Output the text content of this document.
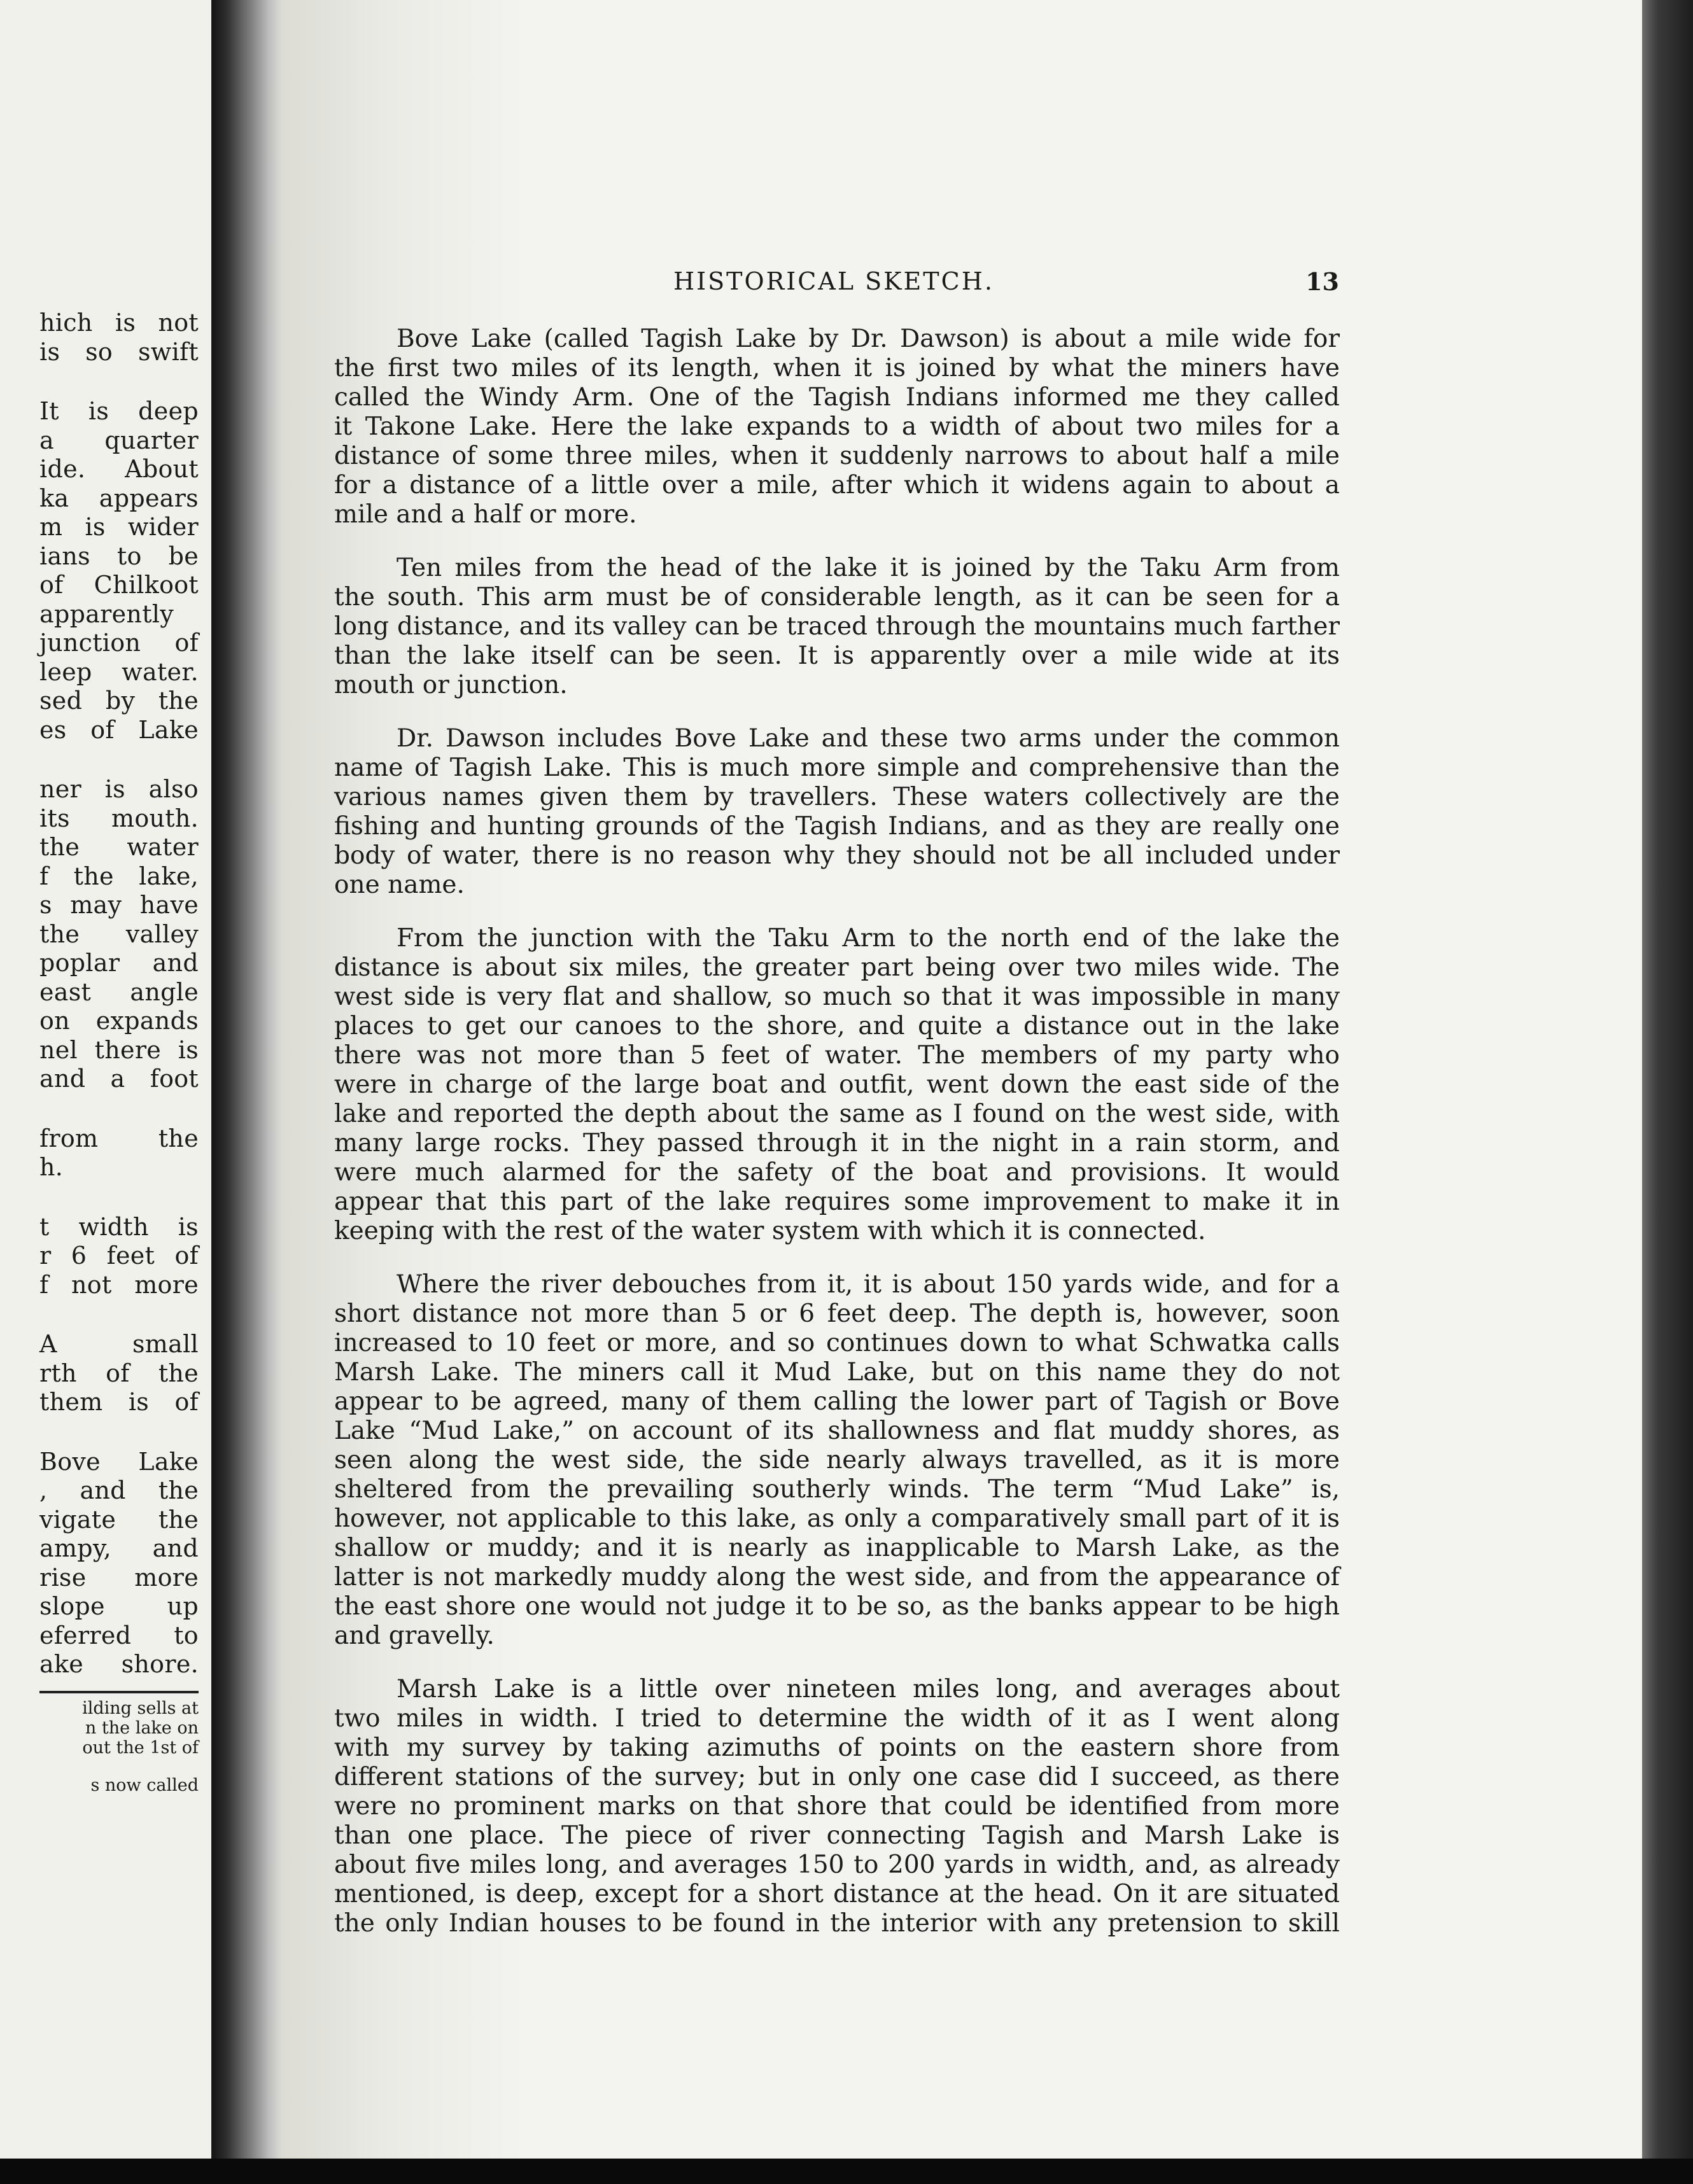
hich is not
is so swift
It is deep
a quarter
ide. About
ka appears
m is wider
ians to be
of Chilkoot
apparently
junction of
leep water.
sed by the
es of Lake
ner is also
its mouth.
the water
f the lake,
s may have
the valley
poplar and
east angle
on expands
nel there is
and a foot
from the
h.
t width is
r 6 feet of
f not more
A small
rth of the
them is of
Bove Lake
, and the
vigate the
ampy, and
rise more
slope up
eferred to
ake shore.
ilding sells at
n the lake on
out the 1st of
s now called
HISTORICAL SKETCH.	13
Bove Lake (called Tagish Lake by Dr. Dawson) is about a mile wide for
the first two miles of its length, when it is joined by what the miners have
called the Windy Arm. One of the Tagish Indians informed me they called
it Takone Lake. Here the lake expands to a width of about two miles for a
distance of some three miles, when it suddenly narrows to about half a mile
for a distance of a little over a mile, after which it widens again to about a
mile and a half or more.
Ten miles from the head of the lake it is joined by the Taku Arm from
the south. This arm must be of considerable length, as it can be seen for a
long distance, and its valley can be traced through the mountains much farther
than the lake itself can be seen. It is apparently over a mile wide at its
mouth or junction.
Dr. Dawson includes Bove Lake and these two arms under the common
name of Tagish Lake. This is much more simple and comprehensive than the
various names given them by travellers. These waters collectively are the
fishing and hunting grounds of the Tagish Indians, and as they are really one
body of water, there is no reason why they should not be all included under
one name.
From the junction with the Taku Arm to the north end of the lake the
distance is about six miles, the greater part being over two miles wide. The
west side is very flat and shallow, so much so that it was impossible in many
places to get our canoes to the shore, and quite a distance out in the lake
there was not more than 5 feet of water. The members of my party who
were in charge of the large boat and outfit, went down the east side of the
lake and reported the depth about the same as I found on the west side, with
many large rocks. They passed through it in the night in a rain storm, and
were much alarmed for the safety of the boat and provisions. It would
appear that this part of the lake requires some improvement to make it in
keeping with the rest of the water system with which it is connected.
Where the river debouches from it, it is about 150 yards wide, and for a
short distance not more than 5 or 6 feet deep. The depth is, however, soon
increased to 10 feet or more, and so continues down to what Schwatka calls
Marsh Lake. The miners call it Mud Lake, but on this name they do not
appear to be agreed, many of them calling the lower part of Tagish or Bove
Lake “Mud Lake,” on account of its shallowness and flat muddy shores, as
seen along the west side, the side nearly always travelled, as it is more
sheltered from the prevailing southerly winds. The term “Mud Lake” is,
however, not applicable to this lake, as only a comparatively small part of it is
shallow or muddy; and it is nearly as inapplicable to Marsh Lake, as the
latter is not markedly muddy along the west side, and from the appearance of
the east shore one would not judge it to be so, as the banks appear to be high
and gravelly.
Marsh Lake is a little over nineteen miles long, and averages about
two miles in width. I tried to determine the width of it as I went along
with my survey by taking azimuths of points on the eastern shore from
different stations of the survey; but in only one case did I succeed, as there
were no prominent marks on that shore that could be identified from more
than one place. The piece of river connecting Tagish and Marsh Lake is
about five miles long, and averages 150 to 200 yards in width, and, as already
mentioned, is deep, except for a short distance at the head. On it are situated
the only Indian houses to be found in the interior with any pretension to skill
